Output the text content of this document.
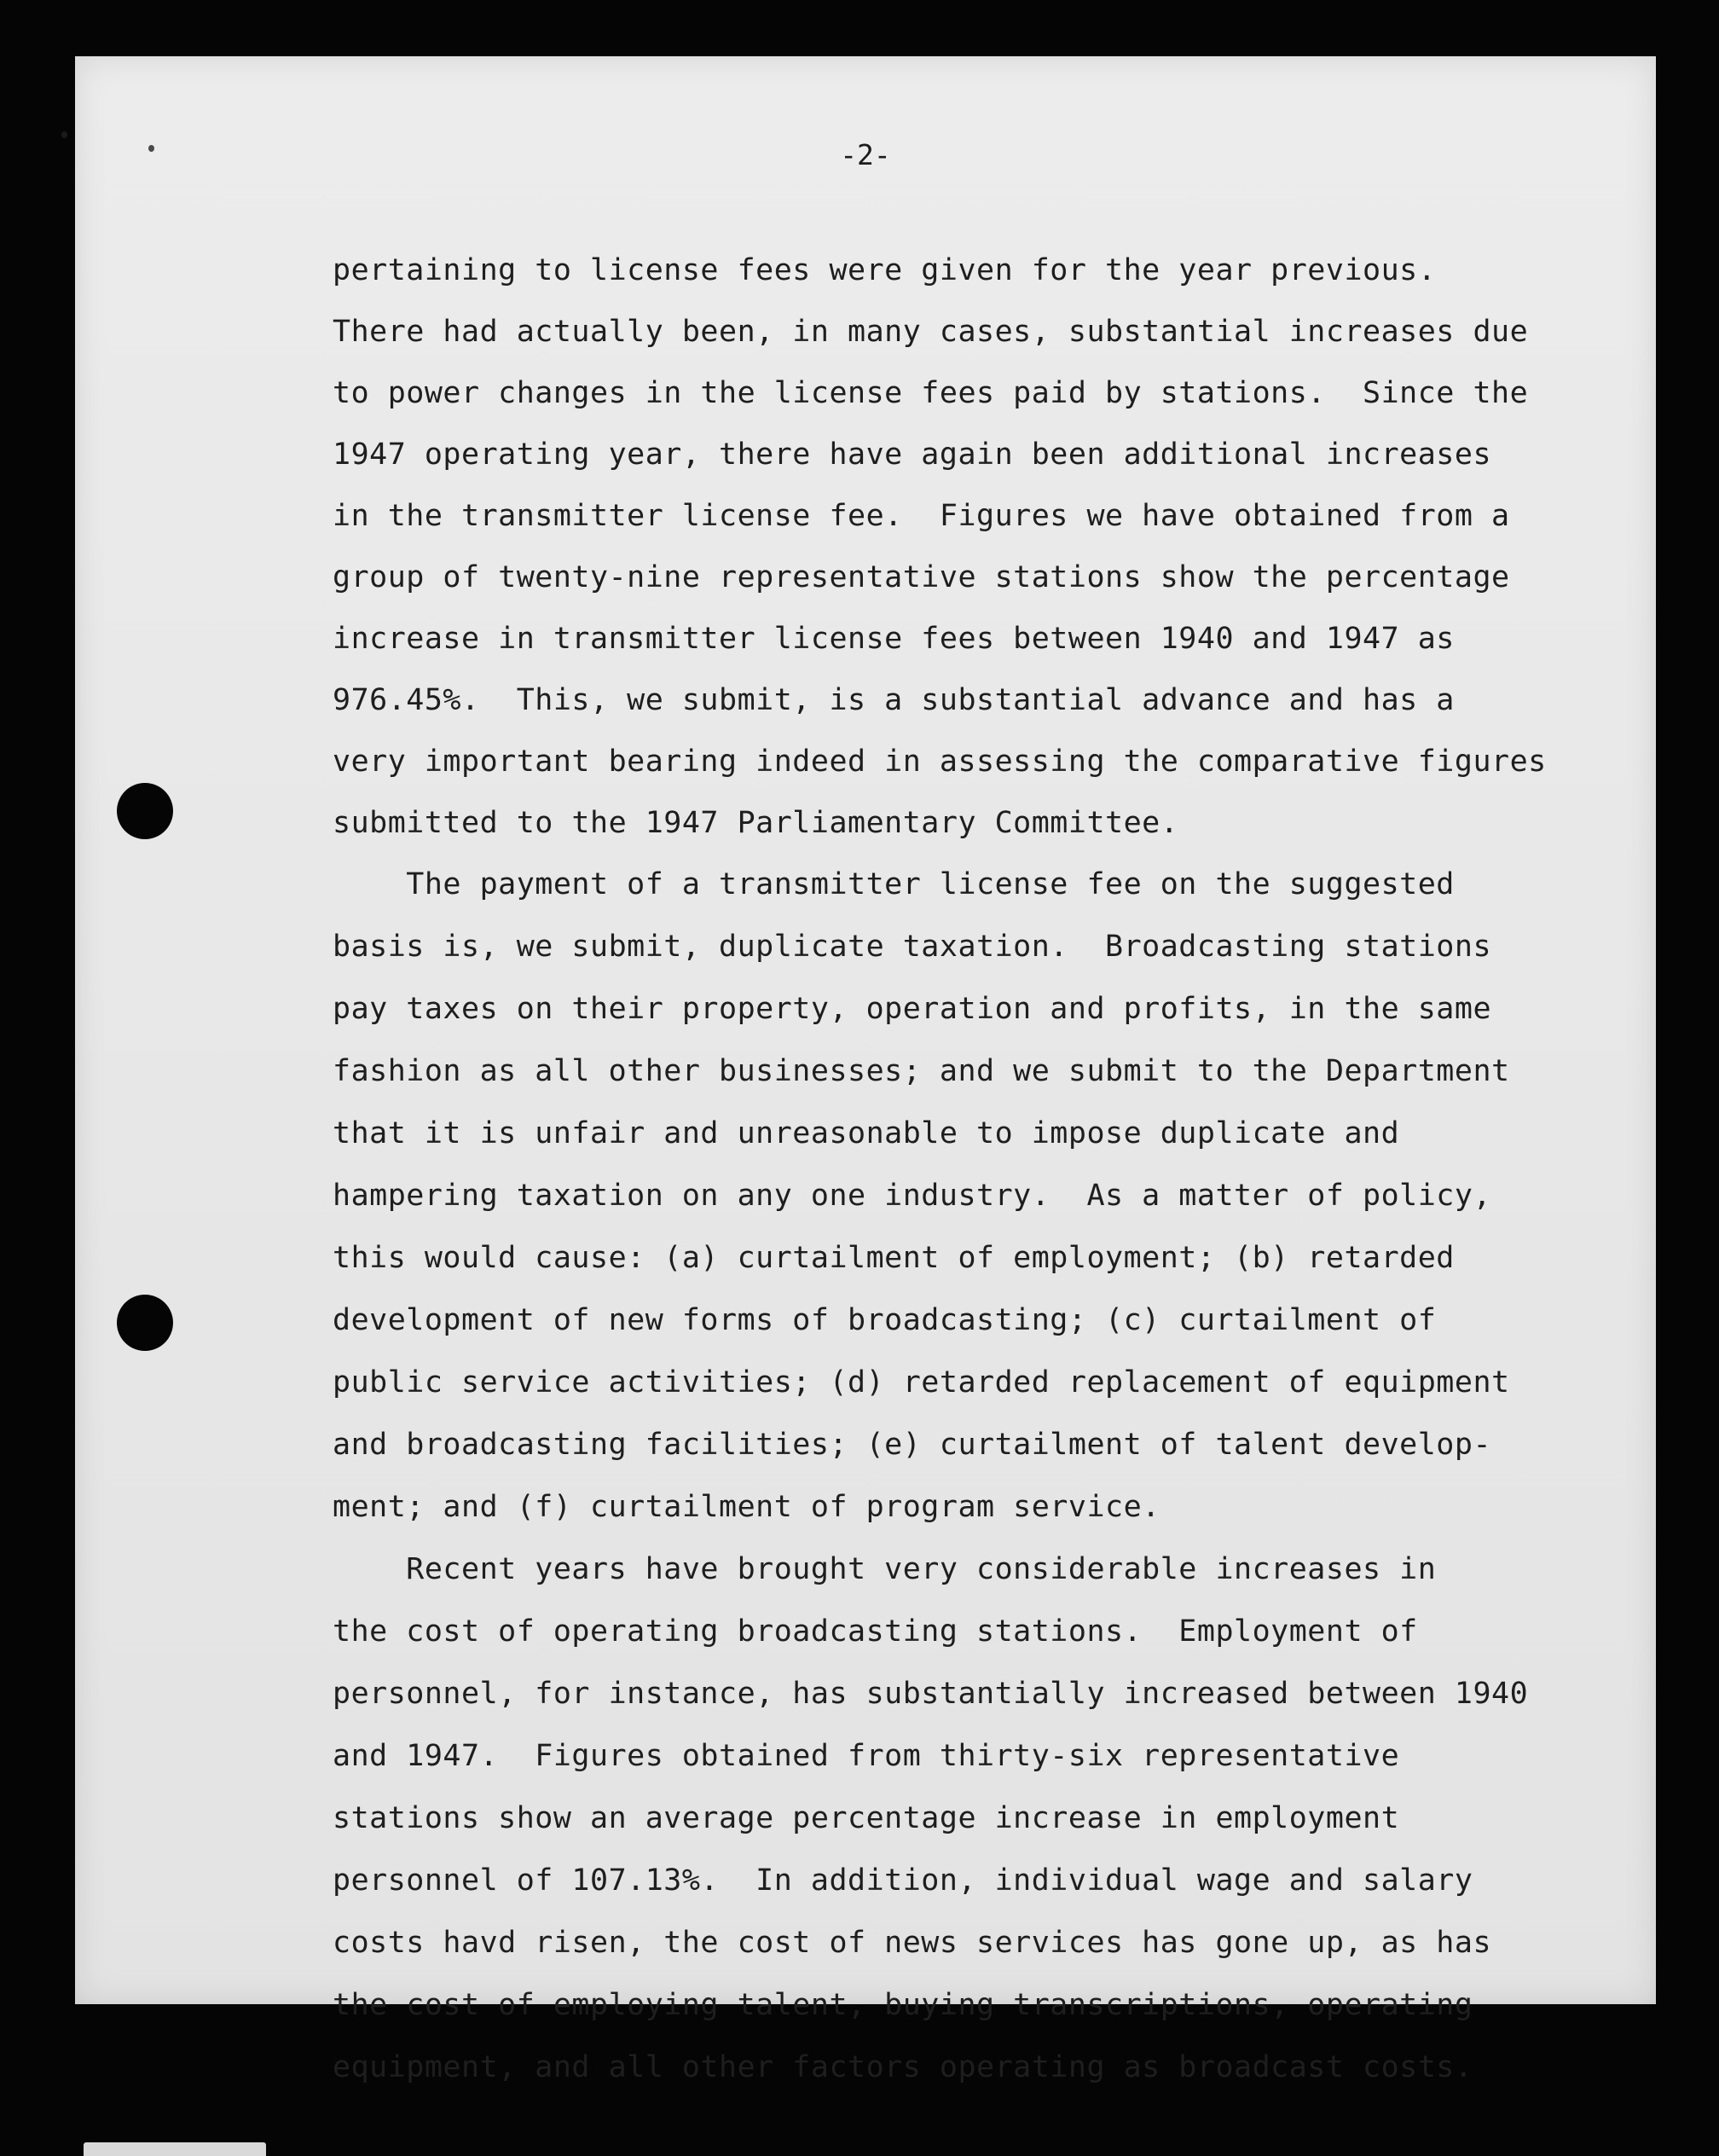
-2-
pertaining to license fees were given for the year previous.
There had actually been, in many cases, substantial increases due
to power changes in the license fees paid by stations.  Since the
1947 operating year, there have again been additional increases
in the transmitter license fee.  Figures we have obtained from a
group of twenty-nine representative stations show the percentage
increase in transmitter license fees between 1940 and 1947 as
976.45%.  This, we submit, is a substantial advance and has a
very important bearing indeed in assessing the comparative figures
submitted to the 1947 Parliamentary Committee.
The payment of a transmitter license fee on the suggested
basis is, we submit, duplicate taxation.  Broadcasting stations
pay taxes on their property, operation and profits, in the same
fashion as all other businesses; and we submit to the Department
that it is unfair and unreasonable to impose duplicate and
hampering taxation on any one industry.  As a matter of policy,
this would cause: (a) curtailment of employment; (b) retarded
development of new forms of broadcasting; (c) curtailment of
public service activities; (d) retarded replacement of equipment
and broadcasting facilities; (e) curtailment of talent develop-
ment; and (f) curtailment of program service.
Recent years have brought very considerable increases in
the cost of operating broadcasting stations.  Employment of
personnel, for instance, has substantially increased between 1940
and 1947.  Figures obtained from thirty-six representative
stations show an average percentage increase in employment
personnel of 107.13%.  In addition, individual wage and salary
costs havd risen, the cost of news services has gone up, as has
the cost of employing talent, buying transcriptions, operating
equipment, and all other factors operating as broadcast costs.
